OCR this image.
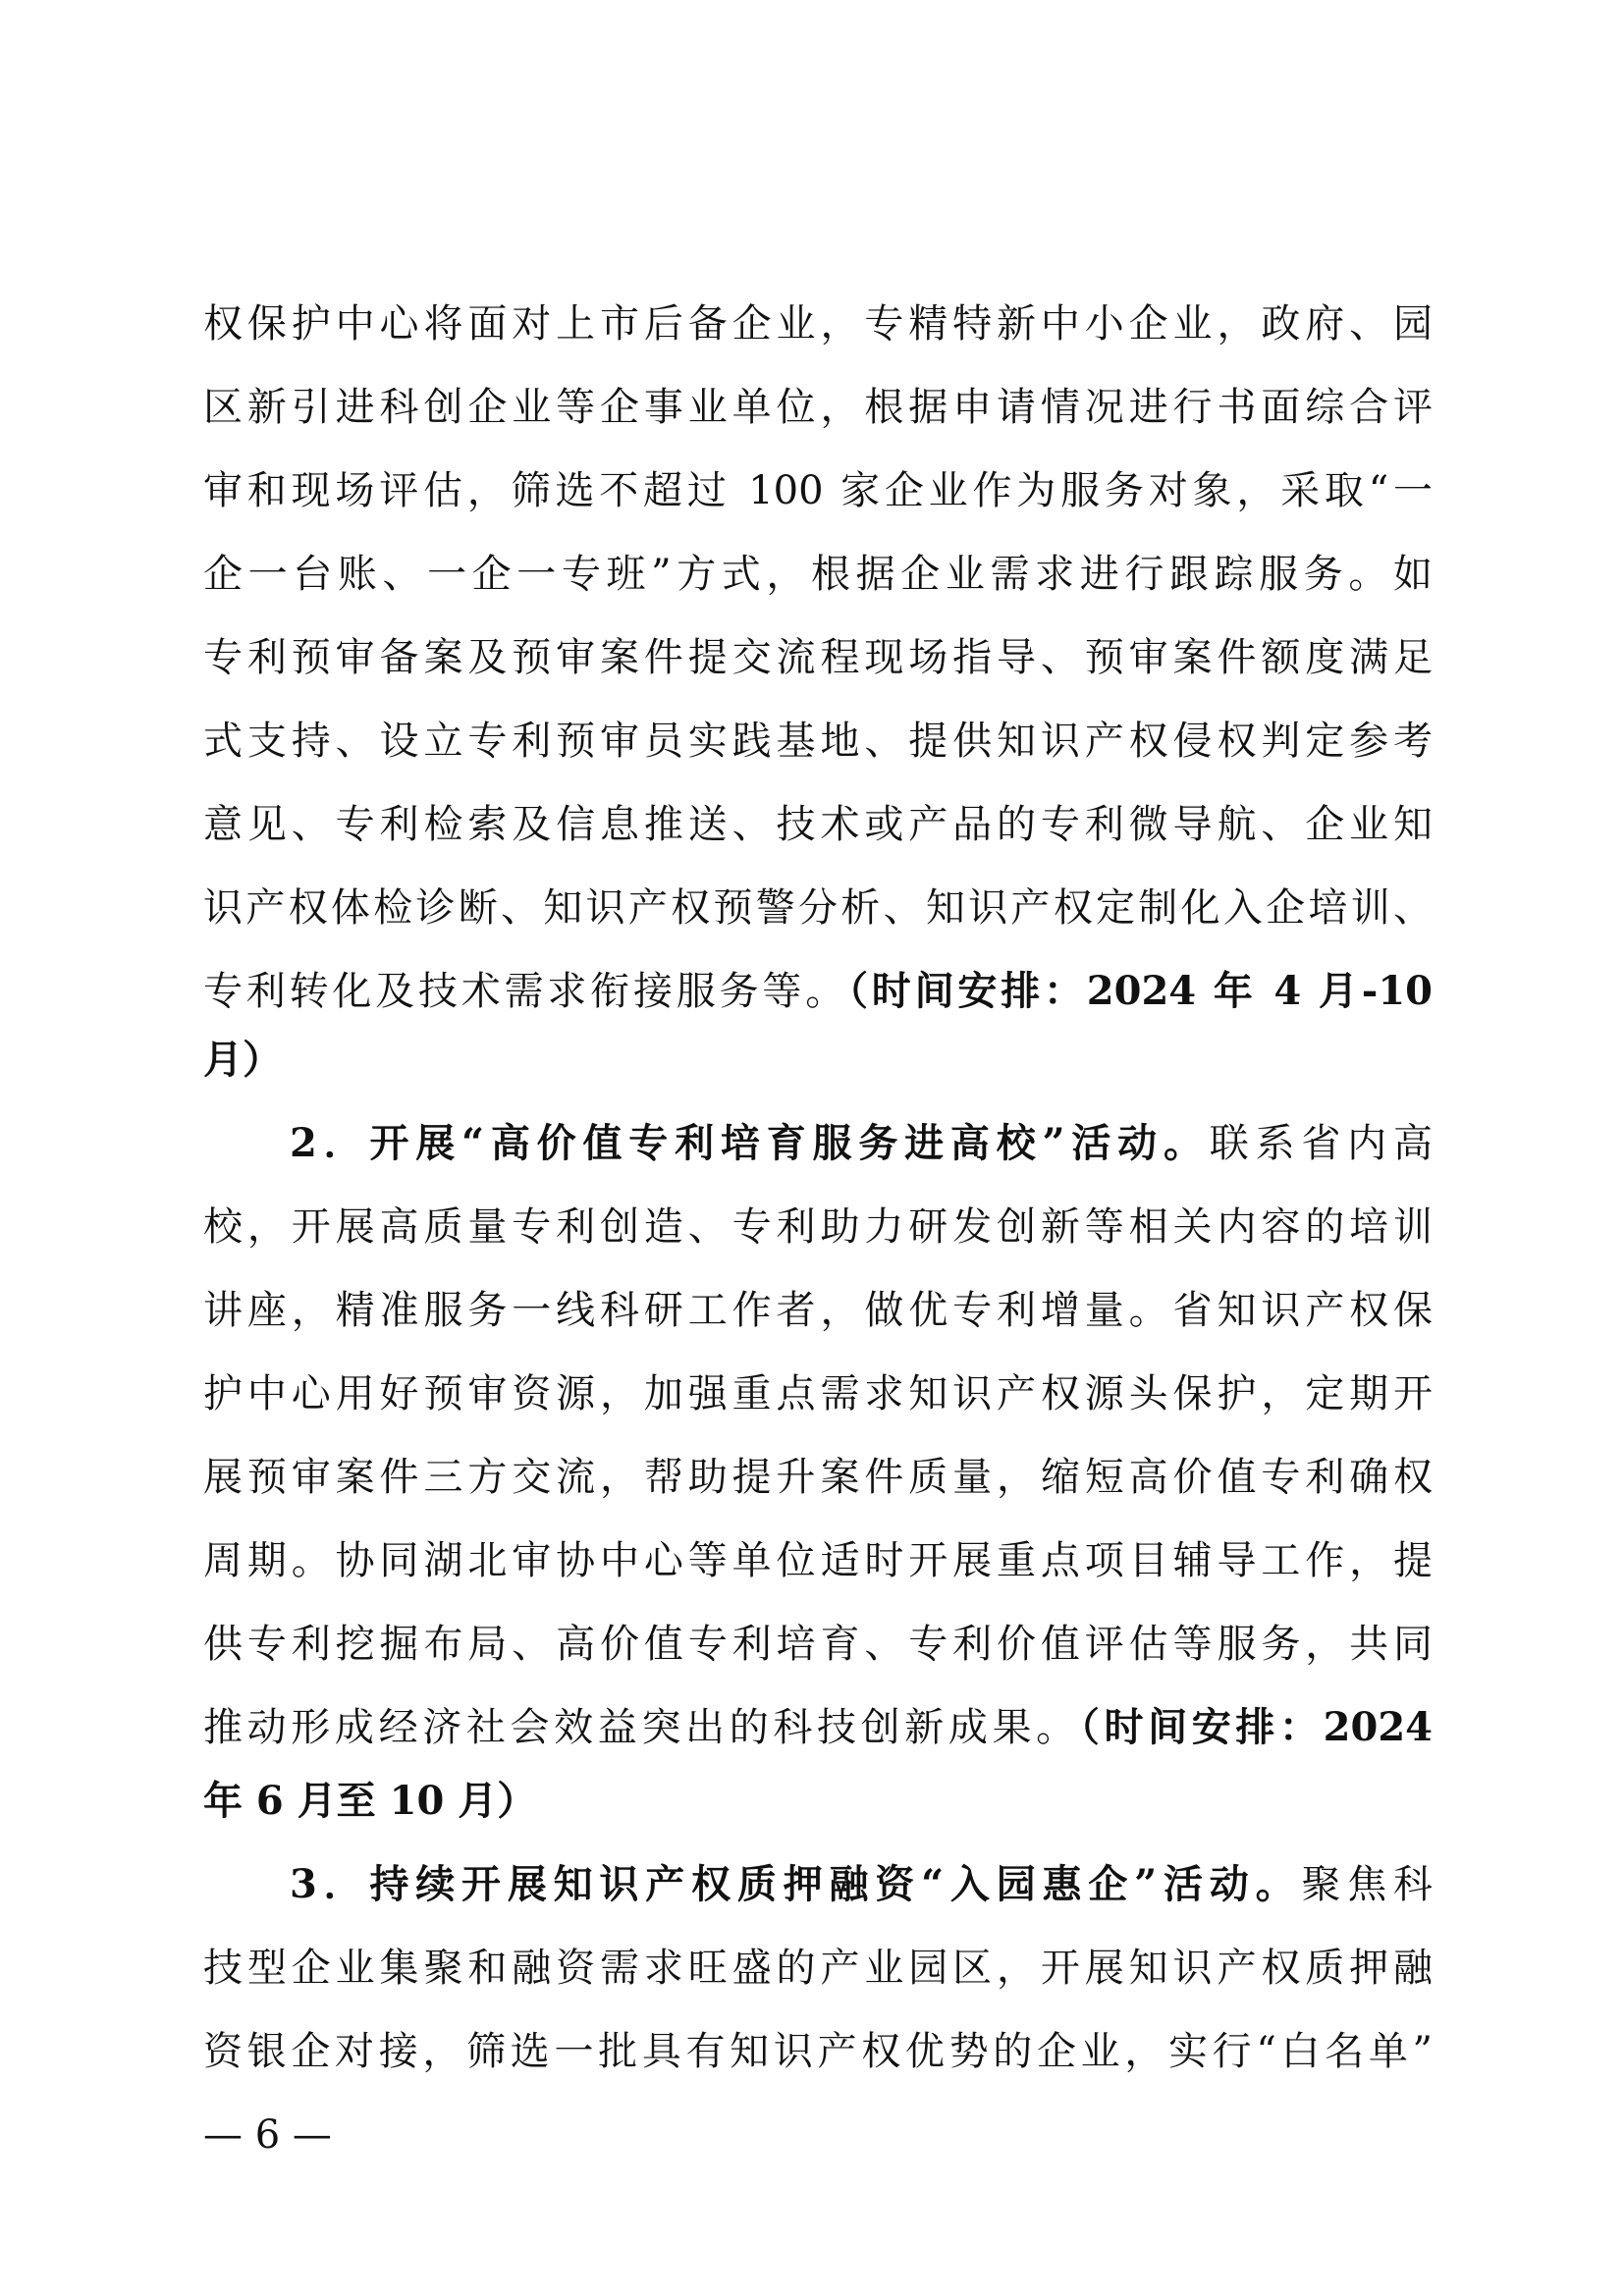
权保护中心将面对上市后备企业，专精特新中小企业，政府、园
区新引进科创企业等企事业单位，根据申请情况进行书面综合评
审和现场评估，筛选不超过 100 家企业作为服务对象，采取“一
企一台账、一企一专班”方式，根据企业需求进行跟踪服务。如
专利预审备案及预审案件提交流程现场指导、预审案件额度满足
式支持、设立专利预审员实践基地、提供知识产权侵权判定参考
意见、专利检索及信息推送、技术或产品的专利微导航、企业知
识产权体检诊断、知识产权预警分析、知识产权定制化入企培训、
专利转化及技术需求衔接服务等。（时间安排：2024 年 4 月-10
月）
2．开展“高价值专利培育服务进高校”活动。联系省内高
校，开展高质量专利创造、专利助力研发创新等相关内容的培训
讲座，精准服务一线科研工作者，做优专利增量。省知识产权保
护中心用好预审资源，加强重点需求知识产权源头保护，定期开
展预审案件三方交流，帮助提升案件质量，缩短高价值专利确权
周期。协同湖北审协中心等单位适时开展重点项目辅导工作，提
供专利挖掘布局、高价值专利培育、专利价值评估等服务，共同
推动形成经济社会效益突出的科技创新成果。（时间安排：2024
年 6 月至 10 月）
3．持续开展知识产权质押融资“入园惠企”活动。聚焦科
技型企业集聚和融资需求旺盛的产业园区，开展知识产权质押融
资银企对接，筛选一批具有知识产权优势的企业，实行“白名单”
— 6 —
